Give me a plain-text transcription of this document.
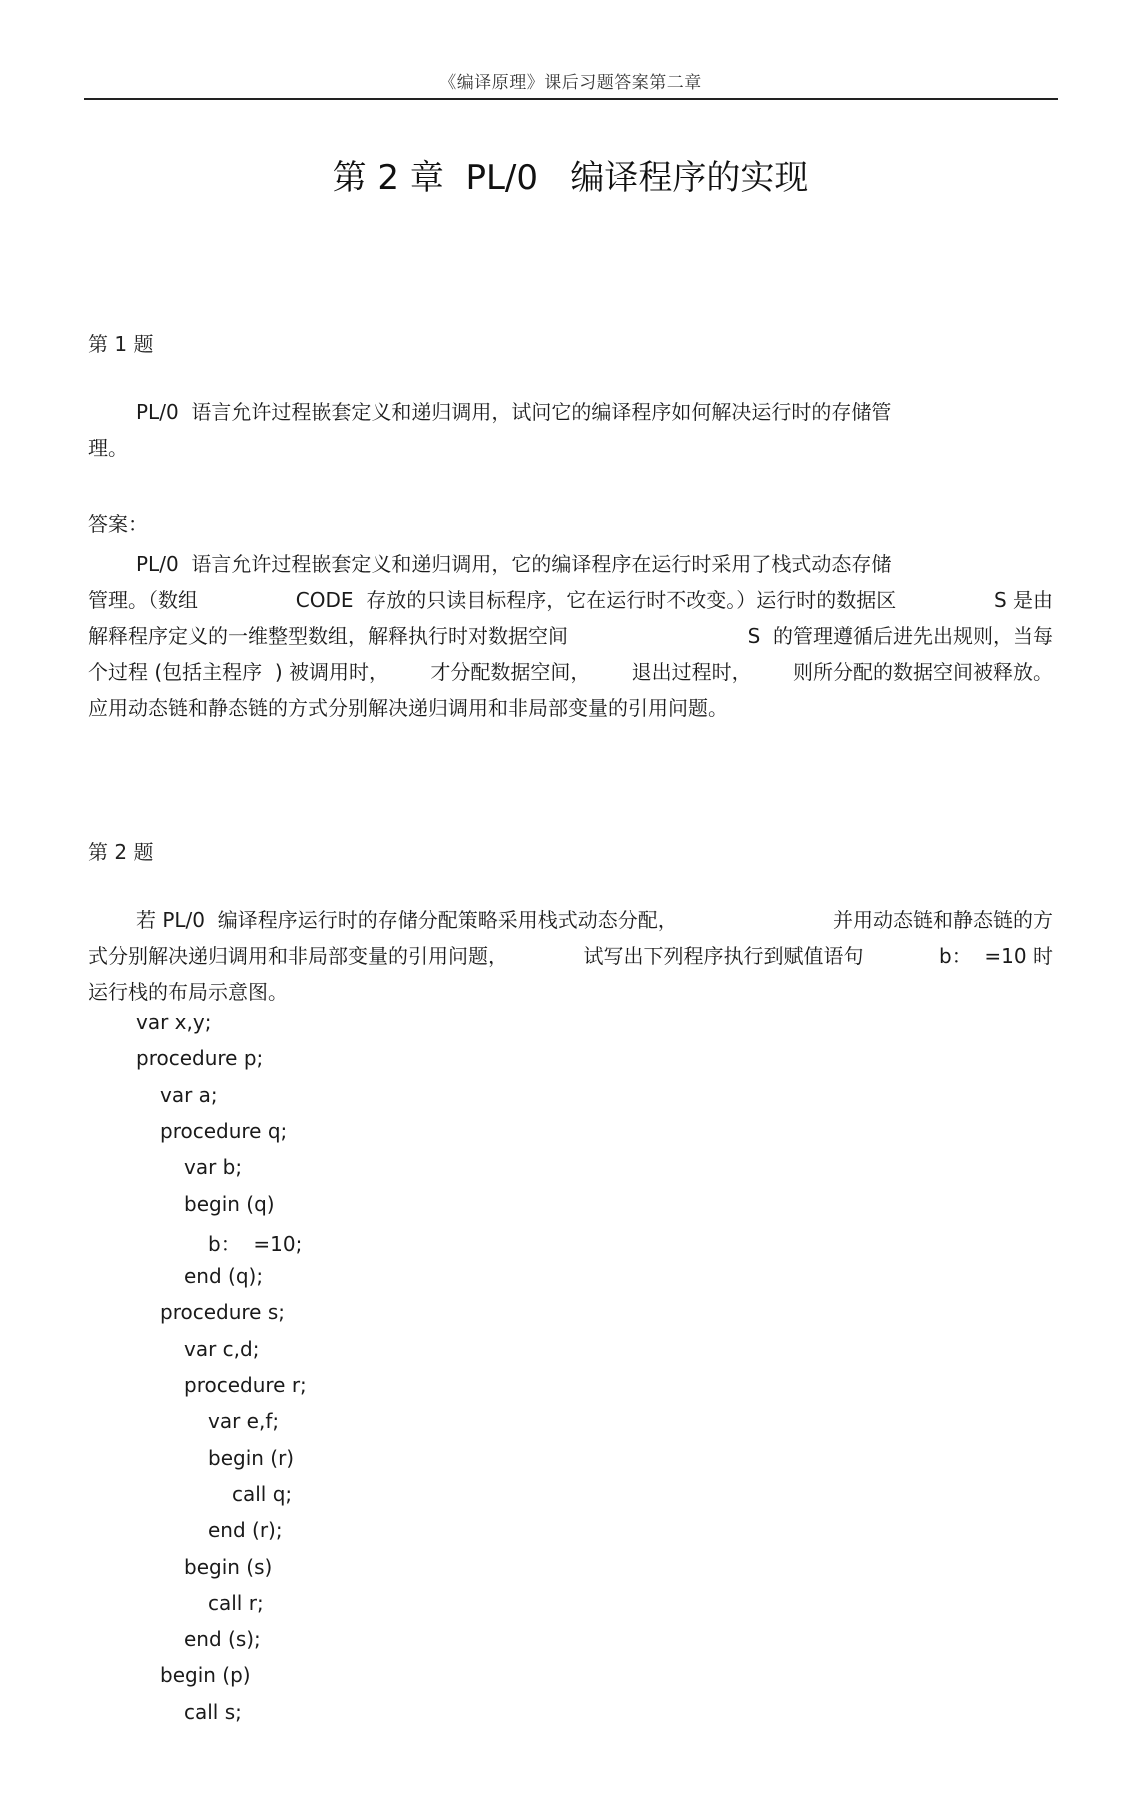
《编译原理》课后习题答案第二章
第 2 章  PL/0   编译程序的实现
第 1 题
PL/0  语言允许过程嵌套定义和递归调用，试问它的编译程序如何解决运行时的存储管
理。
答案：
PL/0  语言允许过程嵌套定义和递归调用，它的编译程序在运行时采用了栈式动态存储
管理。（数组	CODE  存放的只读目标程序，它在运行时不改变。）运行时的数据区	S 是由
解释程序定义的一维整型数组，解释执行时对数据空间	S  的管理遵循后进先出规则，当每
个过程 (包括主程序  ) 被调用时， 才分配数据空间， 退出过程时， 则所分配的数据空间被释放。
应用动态链和静态链的方式分别解决递归调用和非局部变量的引用问题。
第 2 题
若 PL/0  编译程序运行时的存储分配策略采用栈式动态分配，	并用动态链和静态链的方
式分别解决递归调用和非局部变量的引用问题，	试写出下列程序执行到赋值语句	b：  =10 时
运行栈的布局示意图。
var x,y;
procedure p;
var a;
procedure q;
var b;
begin (q)
b：  =10;
end (q);
procedure s;
var c,d;
procedure r;
var e,f;
begin (r)
call q;
end (r);
begin (s)
call r;
end (s);
begin (p)
call s;
